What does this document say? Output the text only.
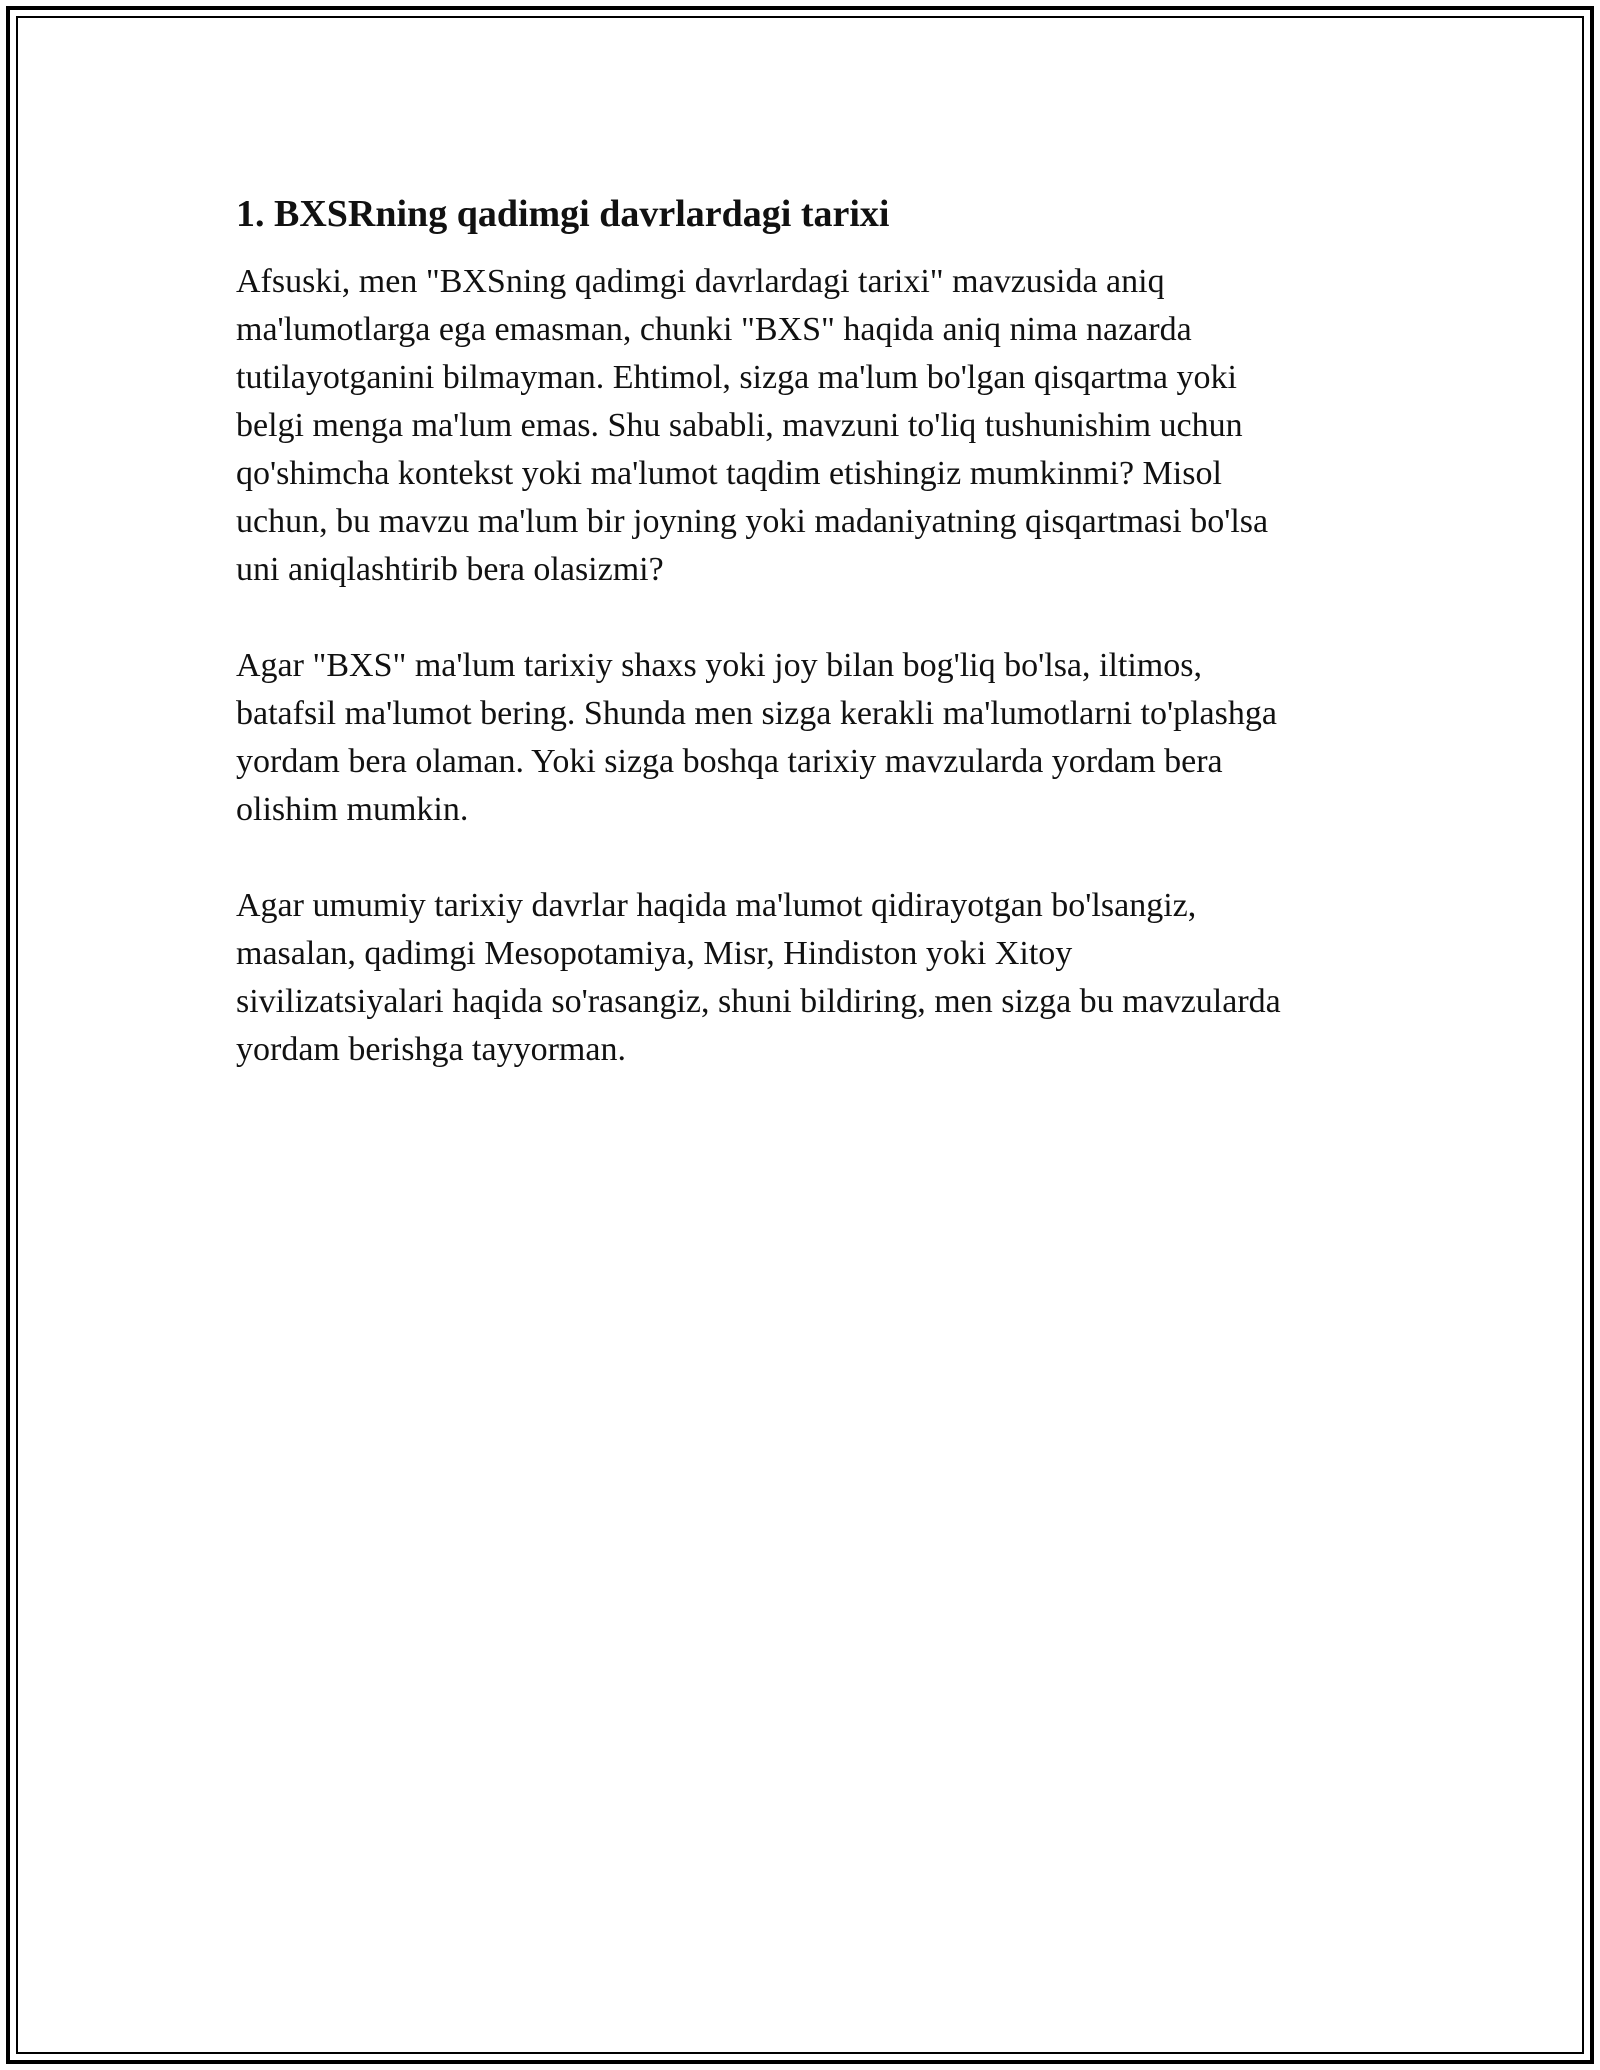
1. BXSRning qadimgi davrlardagi tarixi

Afsuski, men "BXSning qadimgi davrlardagi tarixi" mavzusida aniq
ma'lumotlarga ega emasman, chunki "BXS" haqida aniq nima nazarda
tutilayotganini bilmayman. Ehtimol, sizga ma'lum bo'lgan qisqartma yoki
belgi menga ma'lum emas. Shu sababli, mavzuni to'liq tushunishim uchun
qo'shimcha kontekst yoki ma'lumot taqdim etishingiz mumkinmi? Misol
uchun, bu mavzu ma'lum bir joyning yoki madaniyatning qisqartmasi bo'lsa
uni aniqlashtirib bera olasizmi?

Agar "BXS" ma'lum tarixiy shaxs yoki joy bilan bog'liq bo'lsa, iltimos,
batafsil ma'lumot bering. Shunda men sizga kerakli ma'lumotlarni to'plashga
yordam bera olaman. Yoki sizga boshqa tarixiy mavzularda yordam bera
olishim mumkin.

Agar umumiy tarixiy davrlar haqida ma'lumot qidirayotgan bo'lsangiz,
masalan, qadimgi Mesopotamiya, Misr, Hindiston yoki Xitoy
sivilizatsiyalari haqida so'rasangiz, shuni bildiring, men sizga bu mavzularda
yordam berishga tayyorman.
